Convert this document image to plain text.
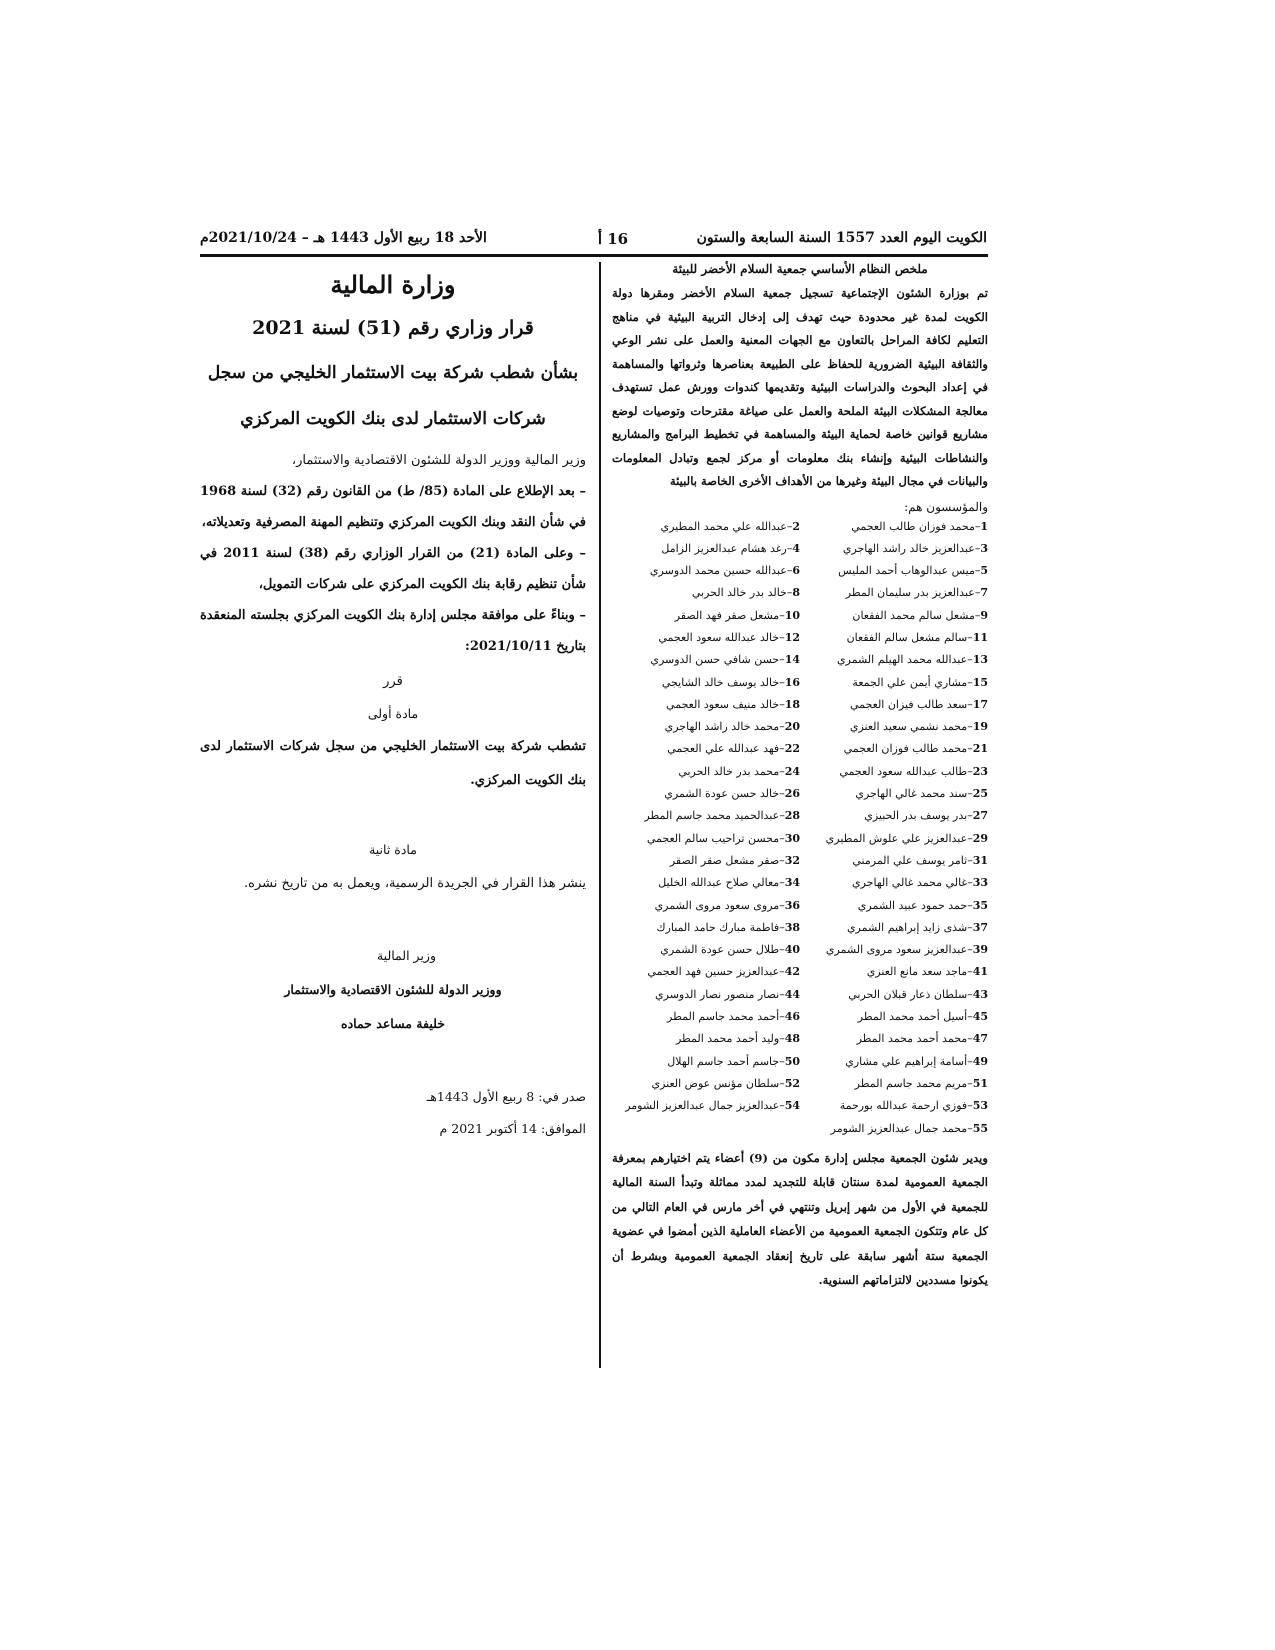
الكويت اليوم العدد 1557 السنة السابعة والستون
16 أ
الأحد 18 ربيع الأول 1443 هـ – 2021/10/24م
ملخص النظام الأساسي جمعية السلام الأخضر للبيئة
تم بوزارة الشئون الإجتماعية تسجيل جمعية السلام الأخضر ومقرها دولة الكويت لمدة غير محدودة حيث تهدف إلى إدخال التربية البيئية في مناهج التعليم لكافة المراحل بالتعاون مع الجهات المعنية والعمل على نشر الوعي والثقافة البيئية الضرورية للحفاظ على الطبيعة بعناصرها وثرواتها والمساهمة في إعداد البحوث والدراسات البيئية وتقديمها كندوات وورش عمل تستهدف معالجة المشكلات البيئة الملحة والعمل على صياغة مقترحات وتوصيات لوضع مشاريع قوانين خاصة لحماية البيئة والمساهمة في تخطيط البرامج والمشاريع والنشاطات البيئية وإنشاء بنك معلومات أو مركز لجمع وتبادل المعلومات والبيانات في مجال البيئة وغيرها من الأهداف الأخرى الخاصة بالبيئة
والمؤسسون هم:
1–محمد فوزان طالب العجمي
2–عبدالله علي محمد المطيري
3–عبدالعزيز خالد راشد الهاجري
4–رغد هشام عبدالعزيز الزامل
5–ميس عبدالوهاب أحمد المليس
6–عبدالله حسين محمد الدوسري
7–عبدالعزيز بدر سليمان المطر
8–خالد بدر خالد الحربي
9–مشعل سالم محمد الفقعان
10–مشعل صقر فهد الصقر
11–سالم مشعل سالم الفقعان
12–خالد عبدالله سعود العجمي
13–عبدالله محمد الهيلم الشمري
14–حسن شافي حسن الدوسري
15–مشاري أيمن علي الجمعة
16–خالد يوسف خالد الشايجي
17–سعد طالب فيزان العجمي
18–خالد منيف سعود العجمي
19–محمد نشمي سعيد العنزي
20–محمد خالد راشد الهاجري
21–محمد طالب فوزان العجمي
22–فهد عبدالله علي العجمي
23–طالب عبدالله سعود العجمي
24–محمد بدر خالد الحربي
25–سند محمد غالي الهاجري
26–خالد حسن عودة الشمري
27–بدر يوسف بدر الحبيزي
28–عبدالحميد محمد جاسم المطر
29–عبدالعزيز علي علوش المطيري
30–محسن تراحيب سالم العجمي
31–ثامر يوسف علي المرمني
32–صقر مشعل صقر الصقر
33–غالي محمد غالي الهاجري
34–معالي صلاح عبدالله الخليل
35–حمد حمود عبيد الشمري
36–مروى سعود مروى الشمري
37–شذى زايد إبراهيم الشمري
38–فاطمة مبارك حامد المبارك
39–عبدالعزيز سعود مروى الشمري
40–طلال حسن عودة الشمري
41–ماجد سعد مانع العنزي
42–عبدالعزيز حسين فهد العجمي
43–سلطان ذعار قبلان الحربي
44–نصار منصور نصار الدوسري
45–أسيل أحمد محمد المطر
46–أحمد محمد جاسم المطر
47–محمد أحمد محمد المطر
48–وليد أحمد محمد المطر
49–أسامة إبراهيم علي مشاري
50–جاسم أحمد جاسم الهلال
51–مريم محمد جاسم المطر
52–سلطان مؤنس عوض العنزي
53–فوزي ارحمة عبدالله بورحمة
54–عبدالعزيز جمال عبدالعزيز الشومر
55–محمد جمال عبدالعزيز الشومر
ويدير شئون الجمعية مجلس إدارة مكون من (9) أعضاء يتم اختيارهم بمعرفة الجمعية العمومية لمدة سنتان قابلة للتجديد لمدد مماثلة وتبدأ السنة المالية للجمعية في الأول من شهر إبريل وتنتهي في أخر مارس في العام التالي من كل عام وتتكون الجمعية العمومية من الأعضاء العاملية الذين أمضوا في عضوية الجمعية ستة أشهر سابقة على تاريخ إنعقاد الجمعية العمومية وبشرط أن يكونوا مسددين لالتزاماتهم السنوية.
وزارة المالية
قرار وزاري رقم (51) لسنة 2021
بشأن شطب شركة بيت الاستثمار الخليجي من سجل
شركات الاستثمار لدى بنك الكويت المركزي
وزير المالية ووزير الدولة للشئون الاقتصادية والاستثمار،
– بعد الإطلاع على المادة (85/ ط) من القانون رقم (32) لسنة 1968 في شأن النقد وبنك الكويت المركزي وتنظيم المهنة المصرفية وتعديلاته،
– وعلى المادة (21) من القرار الوزاري رقم (38) لسنة 2011 في شأن تنظيم رقابة بنك الكويت المركزي على شركات التمويل،
– وبناءً على موافقة مجلس إدارة بنك الكويت المركزي بجلسته المنعقدة بتاريخ 2021/10/11:
قرر
مادة أولى
تشطب شركة بيت الاستثمار الخليجي من سجل شركات الاستثمار لدى بنك الكويت المركزي.
مادة ثانية
ينشر هذا القرار في الجريدة الرسمية، ويعمل به من تاريخ نشره.
وزير المالية
ووزير الدولة للشئون الاقتصادية والاستثمار
خليفة مساعد حماده
صدر في: 8 ربيع الأول 1443هـ
الموافق: 14 أكتوبر 2021 م
